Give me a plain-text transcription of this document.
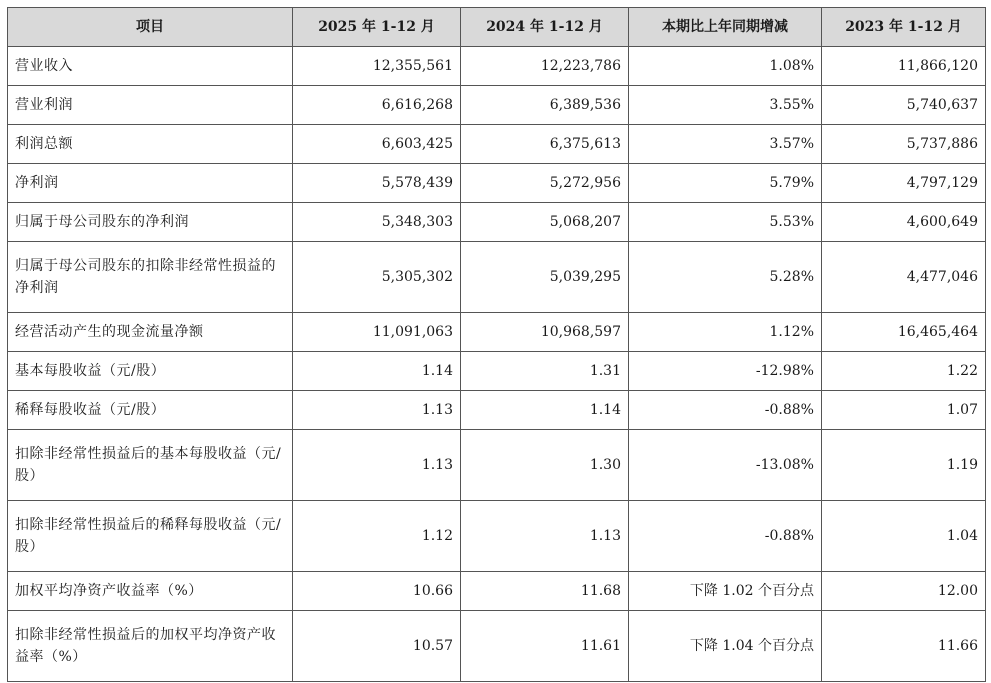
项目	2025 年 1-12 月	2024 年 1-12 月	本期比上年同期增减	2023 年 1-12 月
营业收入	12,355,561	12,223,786	1.08%	11,866,120
营业利润	6,616,268	6,389,536	3.55%	5,740,637
利润总额	6,603,425	6,375,613	3.57%	5,737,886
净利润	5,578,439	5,272,956	5.79%	4,797,129
归属于母公司股东的净利润	5,348,303	5,068,207	5.53%	4,600,649
归属于母公司股东的扣除非经常性损益的净利润	5,305,302	5,039,295	5.28%	4,477,046
经营活动产生的现金流量净额	11,091,063	10,968,597	1.12%	16,465,464
基本每股收益（元/股）	1.14	1.31	-12.98%	1.22
稀释每股收益（元/股）	1.13	1.14	-0.88%	1.07
扣除非经常性损益后的基本每股收益（元/股）	1.13	1.30	-13.08%	1.19
扣除非经常性损益后的稀释每股收益（元/股）	1.12	1.13	-0.88%	1.04
加权平均净资产收益率（%）	10.66	11.68	下降 1.02 个百分点	12.00
扣除非经常性损益后的加权平均净资产收益率（%）	10.57	11.61	下降 1.04 个百分点	11.66
